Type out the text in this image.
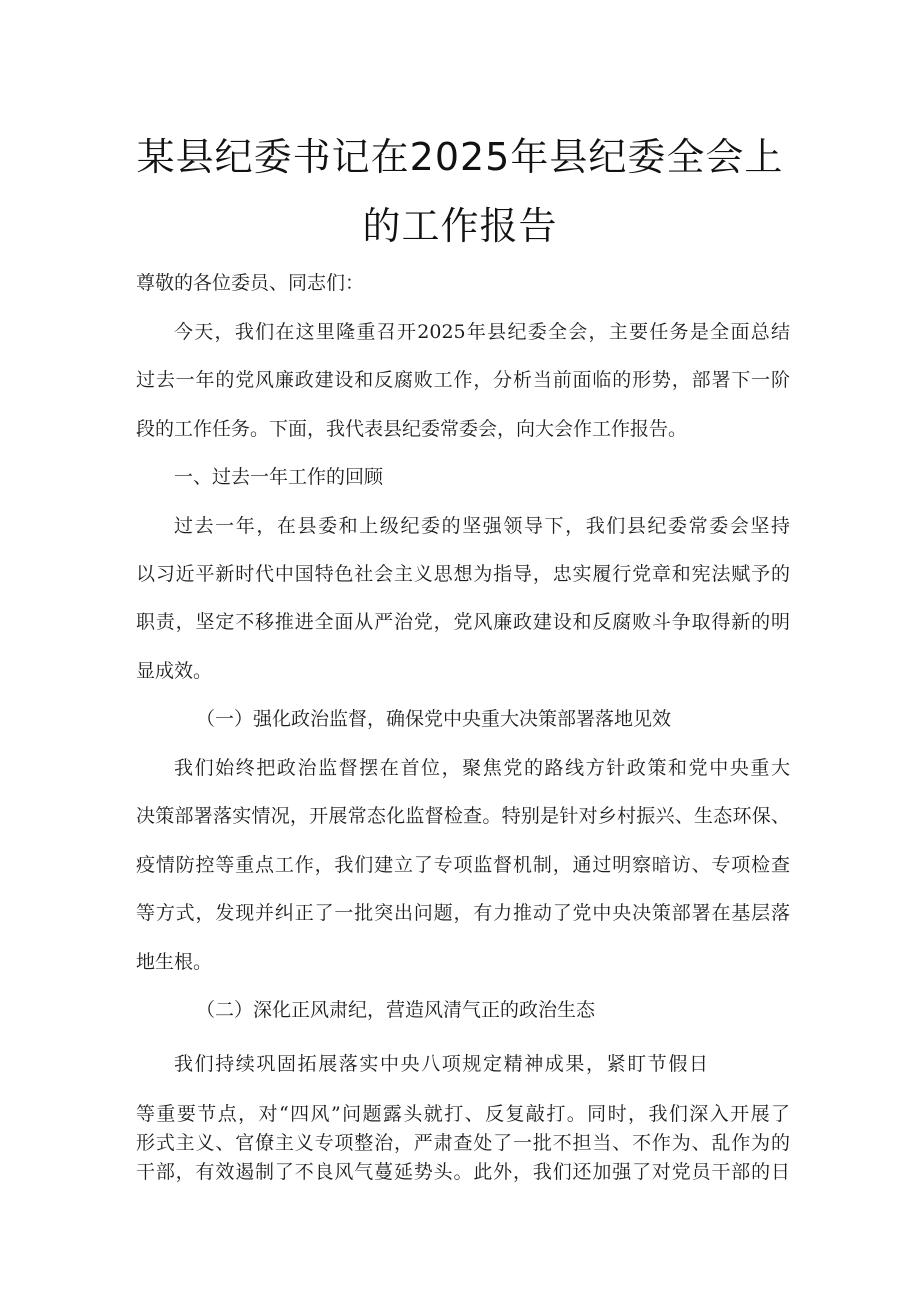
某县纪委书记在2025年县纪委全会上
的工作报告
尊敬的各位委员、同志们：
今天，我们在这里隆重召开2025年县纪委全会，主要任务是全面总结
过去一年的党风廉政建设和反腐败工作，分析当前面临的形势，部署下一阶
段的工作任务。下面，我代表县纪委常委会，向大会作工作报告。
一、过去一年工作的回顾
过去一年，在县委和上级纪委的坚强领导下，我们县纪委常委会坚持
以习近平新时代中国特色社会主义思想为指导，忠实履行党章和宪法赋予的
职责，坚定不移推进全面从严治党，党风廉政建设和反腐败斗争取得新的明
显成效。
（一）强化政治监督，确保党中央重大决策部署落地见效
我们始终把政治监督摆在首位，聚焦党的路线方针政策和党中央重大
决策部署落实情况，开展常态化监督检查。特别是针对乡村振兴、生态环保、
疫情防控等重点工作，我们建立了专项监督机制，通过明察暗访、专项检查
等方式，发现并纠正了一批突出问题，有力推动了党中央决策部署在基层落
地生根。
（二）深化正风肃纪，营造风清气正的政治生态
我们持续巩固拓展落实中央八项规定精神成果，紧盯节假日
等重要节点，对“四风”问题露头就打、反复敲打。同时，我们深入开展了
形式主义、官僚主义专项整治，严肃查处了一批不担当、不作为、乱作为的
干部，有效遏制了不良风气蔓延势头。此外，我们还加强了对党员干部的日
